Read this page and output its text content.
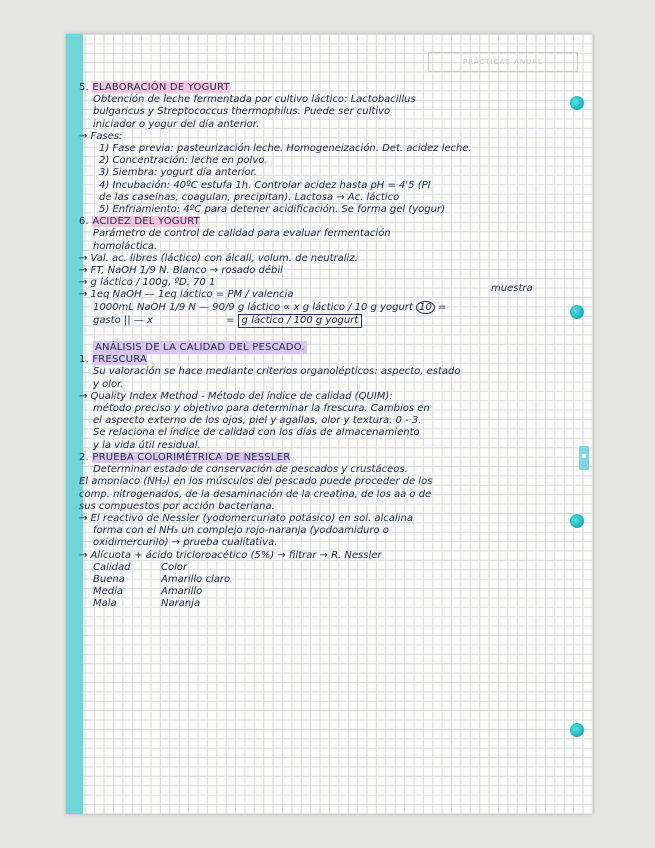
PRÁCTICAS ANUAL
5. ELABORACIÓN DE YOGURT
Obtención de leche fermentada por cultivo láctico: Lactobacillus
bulgaricus y Streptococcus thermophilus. Puede ser cultivo
iniciador o yogur del día anterior.
→ Fases:
1) Fase previa: pasteurización leche. Homogeneización. Det. acidez leche.
2) Concentración: leche en polvo.
3) Siembra: yogurt día anterior.
4) Incubación: 40ºC estufa 1h. Controlar acidez hasta pH = 4'5 (PI
de las caseínas, coagulan, precipitan). Lactosa → Ac. láctico
5) Enfriamiento: 4ºC para detener acidificación. Se forma gel (yogur)
6. ACIDEZ DEL YOGURT
Parámetro de control de calidad para evaluar fermentación
homoláctica.
→ Val. ac. libres (láctico) con álcali, volum. de neutraliz.
→ FT, NaOH 1/9 N. Blanco → rosado débil
→ g láctico / 100g, ºD. 70 1
→ 1eq NaOH — 1eq láctico = PM / valencia
muestra
1000mL NaOH 1/9 N — 90/9 g láctico ∝ x g láctico / 10 g yogurt 10 =
gasto || — x	= g láctico / 100 g yogurt
ANÁLISIS DE LA CALIDAD DEL PESCADO.
1. FRESCURA
Su valoración se hace mediante criterios organolépticos: aspecto, estado
y olor.
→ Quality Index Method - Método del índice de calidad (QUIM):
método preciso y objetivo para determinar la frescura. Cambios en
el aspecto externo de los ojos, piel y agallas, olor y textura. 0 - 3.
Se relaciona el índice de calidad con los días de almacenamiento
y la vida útil residual.
2. PRUEBA COLORIMÉTRICA DE NESSLER
Determinar estado de conservación de pescados y crustáceos.
El amoniaco (NH₃) en los músculos del pescado puede proceder de los
comp. nitrogenados, de la desaminación de la creatina, de los aa o de
sus compuestos por acción bacteriana.
→ El reactivo de Nessler (yodomercuriato potásico) en sol. alcalina
forma con el NH₃ un complejo rojo-naranja (yodoamiduro o
oxidimercurilo) → prueba cualitativa.
→ Alícuota + ácido tricloroacético (5%) → filtrar → R. Nessler
Calidad	Color
Buena	Amarillo claro
Media	Amarillo
Mala	Naranja
